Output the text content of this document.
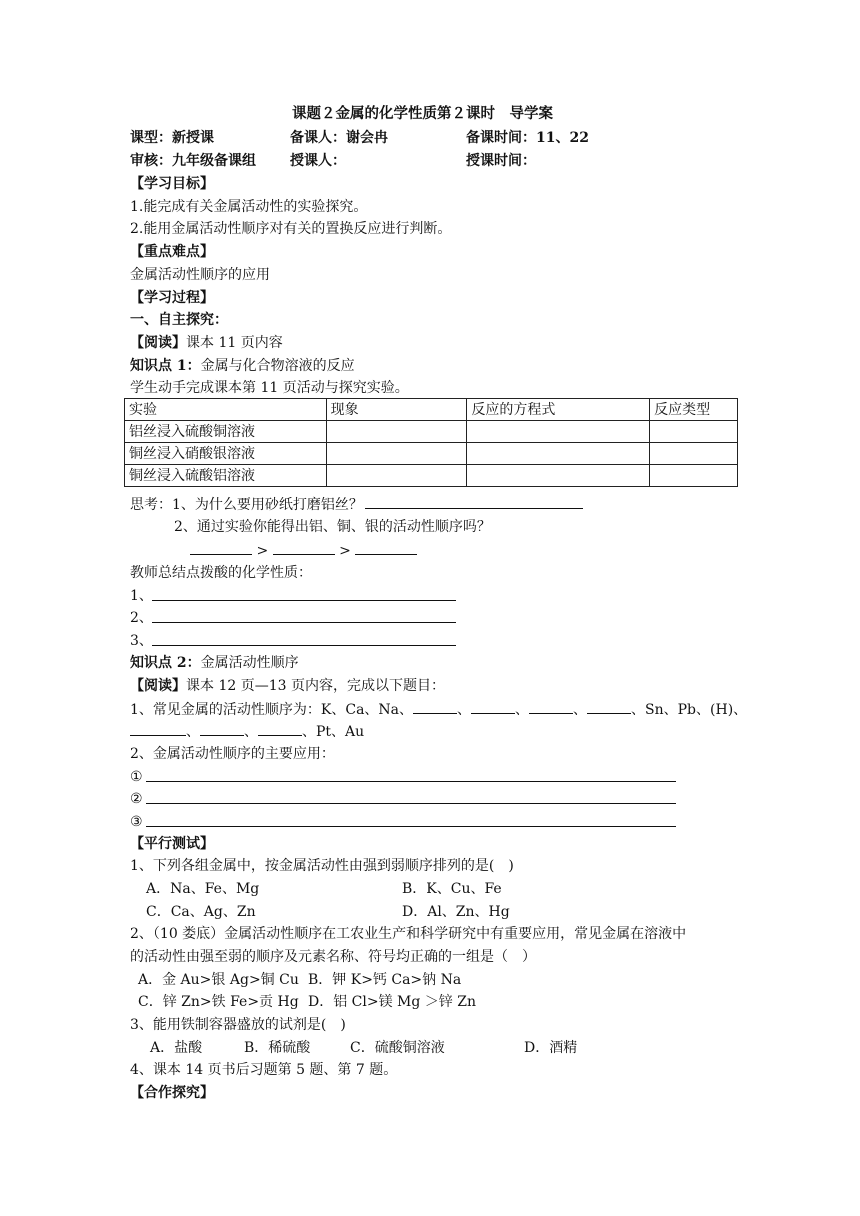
课题２金属的化学性质第２课时　导学案
课型：新授课	备课人：谢会冉	备课时间：11、22
审核：九年级备课组 授课人：	授课时间：
【学习目标】
1.能完成有关金属活动性的实验探究。
2.能用金属活动性顺序对有关的置换反应进行判断。
【重点难点】
金属活动性顺序的应用
【学习过程】
一、自主探究：
【阅读】课本 11 页内容
知识点 1：金属与化合物溶液的反应
学生动手完成课本第 11 页活动与探究实验。
实验	现象	反应的方程式	反应类型
铝丝浸入硫酸铜溶液			
铜丝浸入硝酸银溶液			
铜丝浸入硫酸铝溶液			
思考：1、为什么要用砂纸打磨铝丝？
2、通过实验你能得出铝、铜、银的活动性顺序吗？
>	>
教师总结点拨酸的化学性质：
1、
2、
3、
知识点 2：金属活动性顺序
【阅读】课本 12 页—13 页内容，完成以下题目：
1、常见金属的活动性顺序为：K、Ca、Na、	、	、	、	、Sn、Pb、(H)、
、	、	、Pt、Au
2、金属活动性顺序的主要应用：
①
②
③
【平行测试】
1、下列各组金属中，按金属活动性由强到弱顺序排列的是(　)
A．Na、Fe、Mg	B．K、Cu、Fe
C．Ca、Ag、Zn	D．Al、Zn、Hg
2、（10 娄底）金属活动性顺序在工农业生产和科学研究中有重要应用，常见金属在溶液中
的活动性由强至弱的顺序及元素名称、符号均正确的一组是（　）
A．金 Au>银 Ag>铜 Cu B．钾 K>钙 Ca>钠 Na
C．锌 Zn>铁 Fe>贡 Hg D．铝 Cl>镁 Mg ＞锌 Zn
3、能用铁制容器盛放的试剂是(　)
A．盐酸	B．稀硫酸	C．硫酸铜溶液	D．酒精
4、课本 14 页书后习题第 5 题、第 7 题。
【合作探究】
